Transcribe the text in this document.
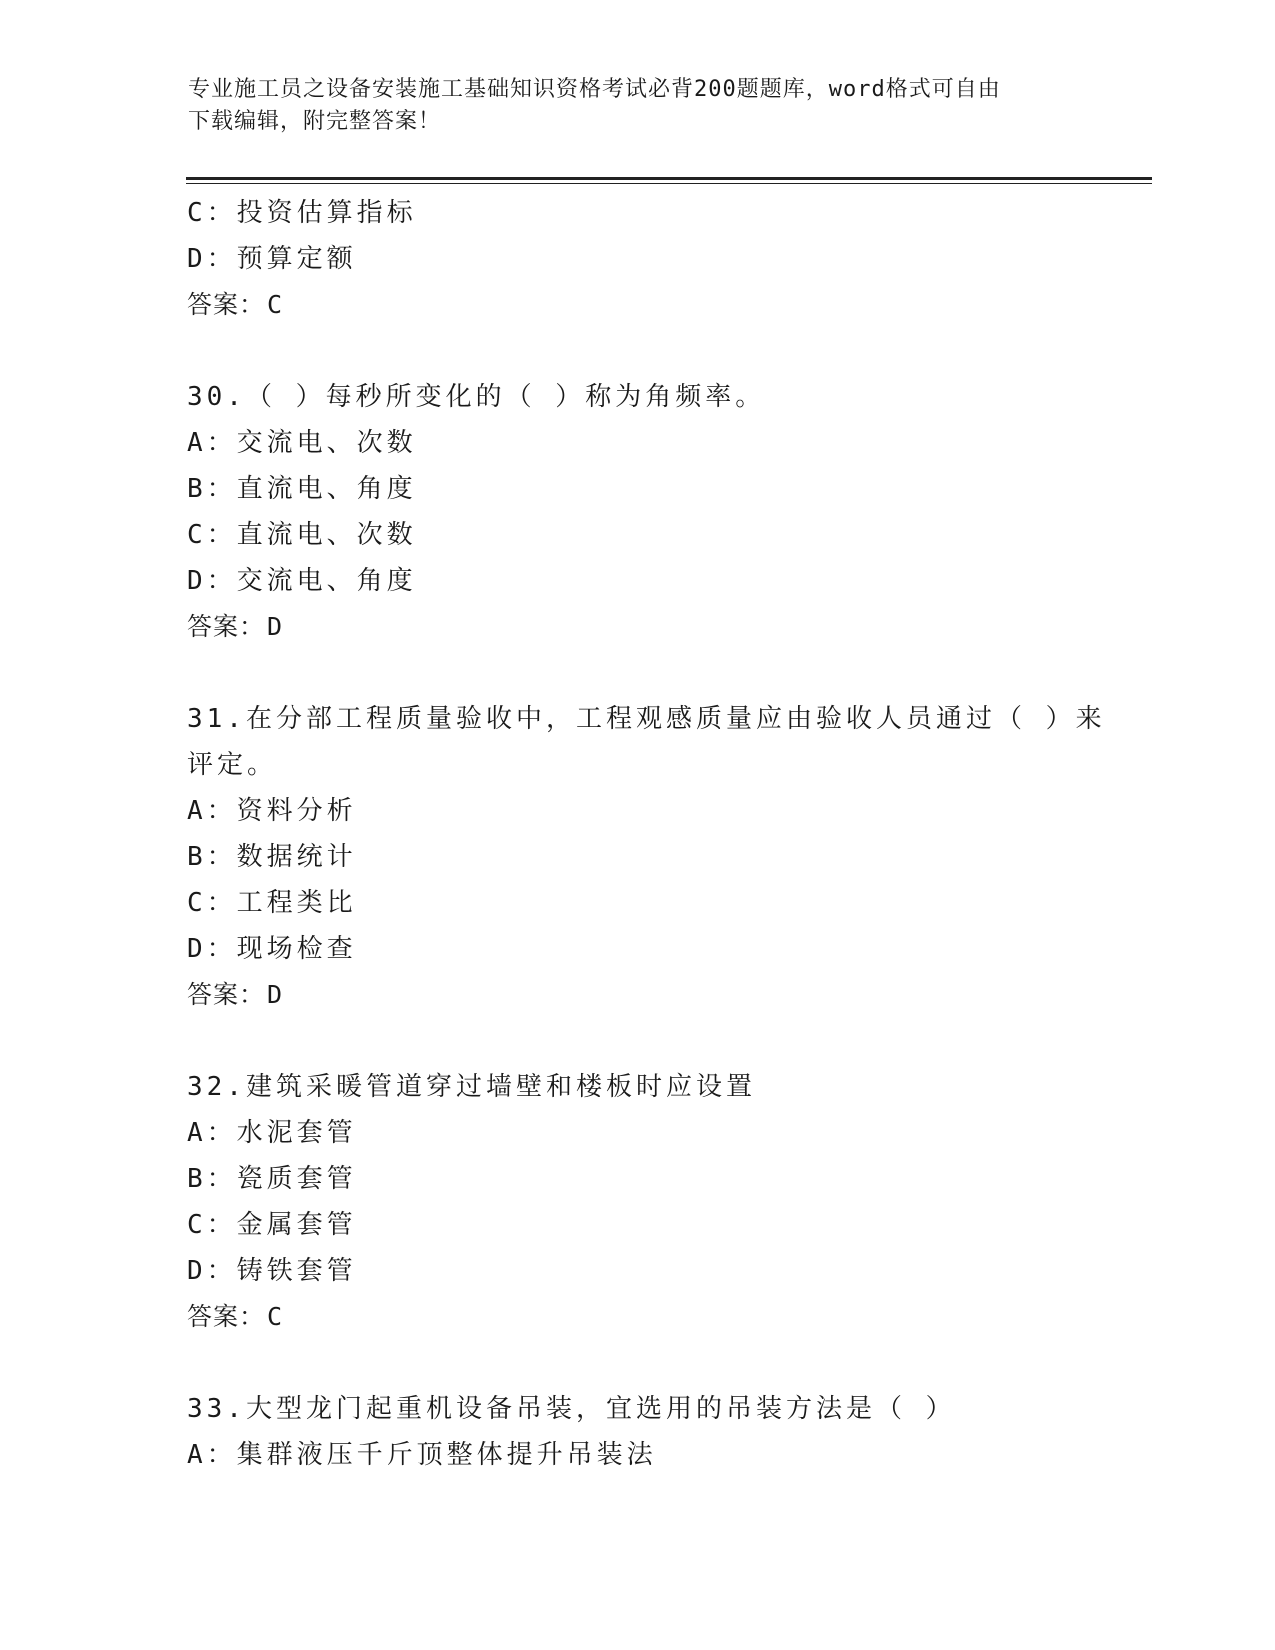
专业施工员之设备安装施工基础知识资格考试必背200题题库，word格式可自由
下载编辑，附完整答案！
C：投资估算指标
D：预算定额
答案：C
30.（ ）每秒所变化的（ ）称为角频率。
A：交流电、次数
B：直流电、角度
C：直流电、次数
D：交流电、角度
答案：D
31.在分部工程质量验收中，工程观感质量应由验收人员通过（ ）来
评定。
A：资料分析
B：数据统计
C：工程类比
D：现场检查
答案：D
32.建筑采暖管道穿过墙壁和楼板时应设置
A：水泥套管
B：瓷质套管
C：金属套管
D：铸铁套管
答案：C
33.大型龙门起重机设备吊装，宜选用的吊装方法是（ ）
A：集群液压千斤顶整体提升吊装法
